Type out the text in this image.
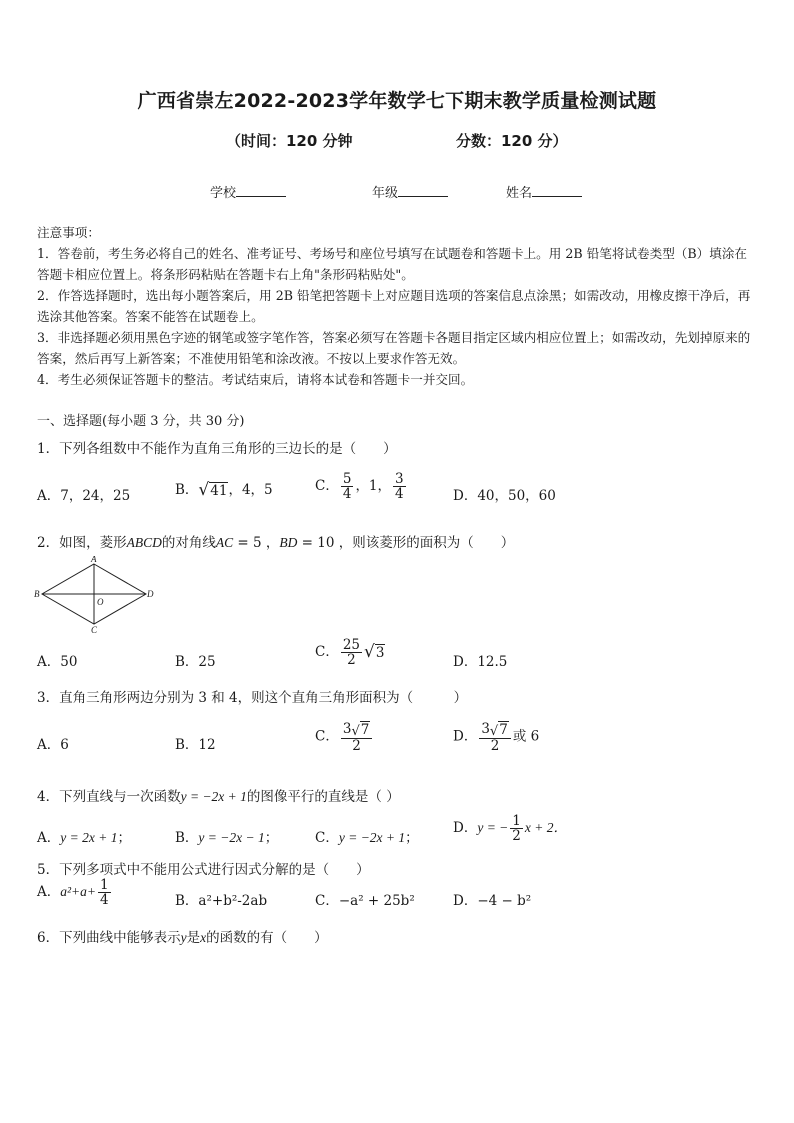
广西省崇左2022-2023学年数学七下期末教学质量检测试题
（时间：120 分钟	分数：120 分）
学校	年级	姓名
注意事项：
1．答卷前，考生务必将自己的姓名、准考证号、考场号和座位号填写在试题卷和答题卡上。用 2B 铅笔将试卷类型（B）填涂在答题卡相应位置上。将条形码粘贴在答题卡右上角"条形码粘贴处"。
2．作答选择题时，选出每小题答案后，用 2B 铅笔把答题卡上对应题目选项的答案信息点涂黑；如需改动，用橡皮擦干净后，再选涂其他答案。答案不能答在试题卷上。
3．非选择题必须用黑色字迹的钢笔或签字笔作答，答案必须写在答题卡各题目指定区域内相应位置上；如需改动，先划掉原来的答案，然后再写上新答案；不准使用铅笔和涂改液。不按以上要求作答无效。
4．考生必须保证答题卡的整洁。考试结束后，请将本试卷和答题卡一并交回。
一、选择题(每小题 3 分，共 30 分)
1．下列各组数中不能作为直角三角形的三边长的是（　　）
A．7，24，25	B． √ 41 ，4，5	C． $\frac{5}{4}$ ，1， $\frac{3}{4}$	D．40，50，60
2．如图，菱形ABCD的对角线AC = 5 ，BD = 10 ，则该菱形的面积为（　　）
A
B
C
D
O
A．50	B．25
C． $\frac{25}{2}$ √ 3
D．12.5
3．直角三角形两边分别为 3 和 4，则这个直角三角形面积为（　　　）
A．6	B．12
C． $\frac{3 √ 7}{2}$	D． $\frac{3 √ 7}{2}$ 或 6
4．下列直线与一次函数y = −2x + 1的图像平行的直线是（ ）
A．y = 2x + 1；	B．y = −2x − 1；	C．y = −2x + 1；
D．y = − $\frac{1}{2}$ x + 2．
5．下列多项式中不能用公式进行因式分解的是（　　）
A．$a^2+a+ \frac{1}{4}$	B．a²+b²-2ab	C．−a² + 25b²	D．−4 − b²
6．下列曲线中能够表示y是x的函数的有（　　）
